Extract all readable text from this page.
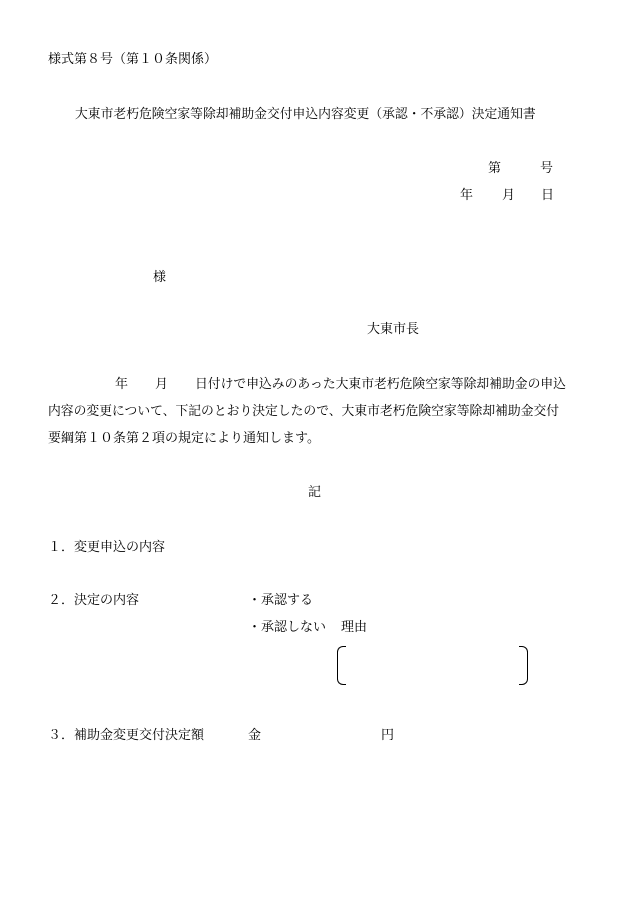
様式第８号（第１０条関係）
大東市老朽危険空家等除却補助金交付申込内容変更（承認・不承認）決定通知書
第	号
年 月 日
様
大東市長
年 月 日付けで申込みのあった大東市老朽危険空家等除却補助金の申込
内容の変更について、下記のとおり決定したので、大東市老朽危険空家等除却補助金交付
要綱第１０条第２項の規定により通知します。
記
１．変更申込の内容
２．決定の内容	・承認する
・承認しない 理由
３．補助金変更交付決定額	金	円
